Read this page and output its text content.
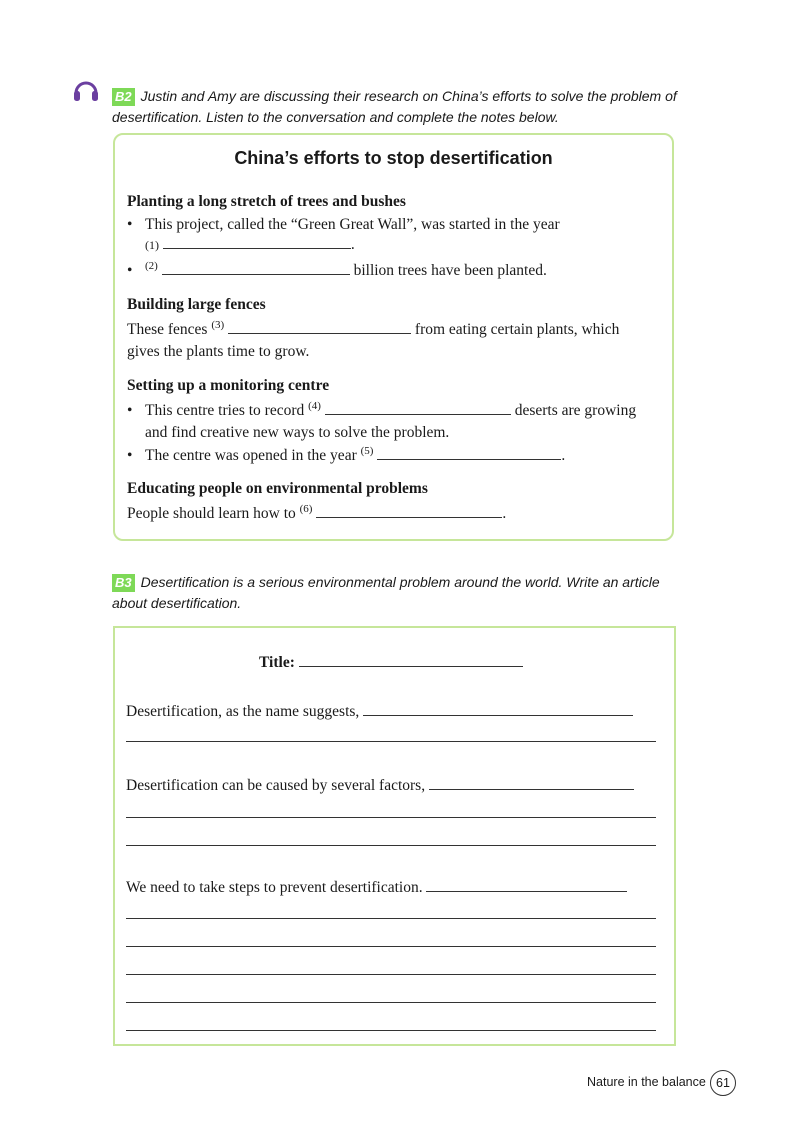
B2 Justin and Amy are discussing their research on China’s efforts to solve the problem of
desertification. Listen to the conversation and complete the notes below.
China’s efforts to stop desertification
Planting a long stretch of trees and bushes
• This project, called the “Green Great Wall”, was started in the year
(1)	.
• $^{(2)}$	billion trees have been planted.
Building large fences
These fences $^{(3)}$	from eating certain plants, which
gives the plants time to grow.
Setting up a monitoring centre
• This centre tries to record $^{(4)}$	deserts are growing
and find creative new ways to solve the problem.
• The centre was opened in the year $^{(5)}$	.
Educating people on environmental problems
People should learn how to $^{(6)}$	.
B3 Desertification is a serious environmental problem around the world. Write an article
about desertification.
Title:
Desertification, as the name suggests,
Desertification can be caused by several factors,
We need to take steps to prevent desertification.
Nature in the balance 61
